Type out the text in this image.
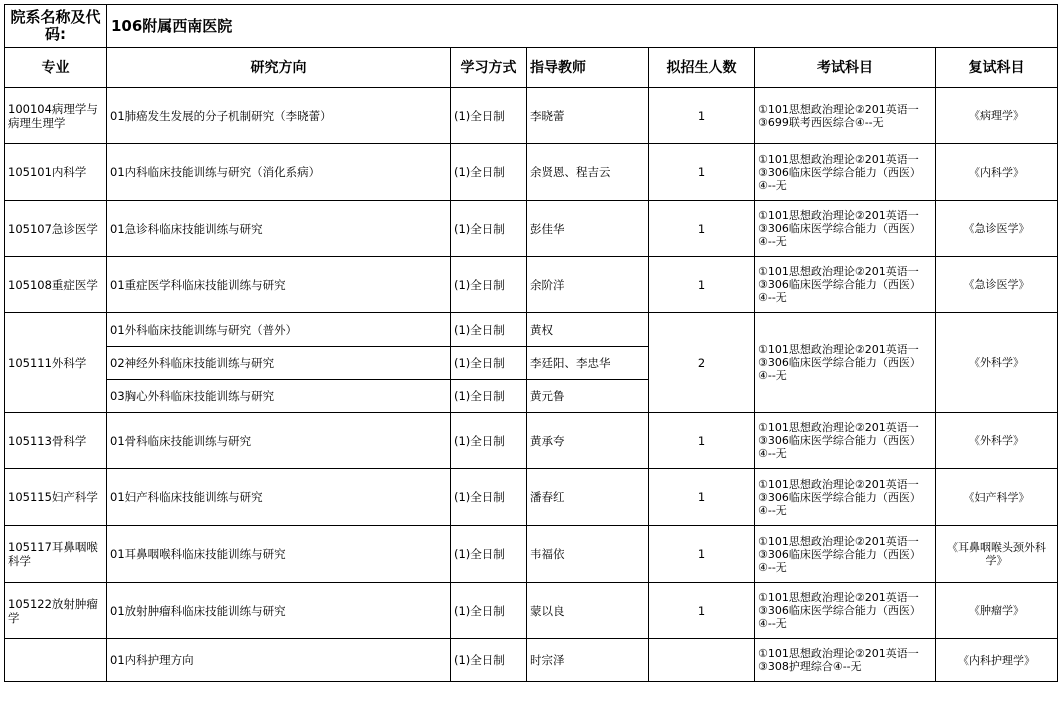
院系名称及代码:	106附属西南医院					
专业	研究方向	学习方式	指导教师	拟招生人数	考试科目	复试科目
100104病理学与病理生理学	01肺癌发生发展的分子机制研究（李晓蕾）	(1)全日制	李晓蕾	1	①101思想政治理论②201英语一③699联考西医综合④--无	《病理学》
105101内科学	01内科临床技能训练与研究（消化系病）	(1)全日制	余贤恩、程吉云	1	①101思想政治理论②201英语一③306临床医学综合能力（西医）④--无	《内科学》
105107急诊医学	01急诊科临床技能训练与研究	(1)全日制	彭佳华	1	①101思想政治理论②201英语一③306临床医学综合能力（西医）④--无	《急诊医学》
105108重症医学	01重症医学科临床技能训练与研究	(1)全日制	余阶洋	1	①101思想政治理论②201英语一③306临床医学综合能力（西医）④--无	《急诊医学》
105111外科学	01外科临床技能训练与研究（普外）	(1)全日制	黄权	2	①101思想政治理论②201英语一③306临床医学综合能力（西医）④--无	《外科学》
	02神经外科临床技能训练与研究	(1)全日制	李廷阳、李忠华			
	03胸心外科临床技能训练与研究	(1)全日制	黄元鲁			
105113骨科学	01骨科临床技能训练与研究	(1)全日制	黄承夸	1	①101思想政治理论②201英语一③306临床医学综合能力（西医）④--无	《外科学》
105115妇产科学	01妇产科临床技能训练与研究	(1)全日制	潘春红	1	①101思想政治理论②201英语一③306临床医学综合能力（西医）④--无	《妇产科学》
105117耳鼻咽喉科学	01耳鼻咽喉科临床技能训练与研究	(1)全日制	韦福依	1	①101思想政治理论②201英语一③306临床医学综合能力（西医）④--无	《耳鼻咽喉头颈外科学》
105122放射肿瘤学	01放射肿瘤科临床技能训练与研究	(1)全日制	蒙以良	1	①101思想政治理论②201英语一③306临床医学综合能力（西医）④--无	《肿瘤学》
	01内科护理方向	(1)全日制	时宗泽		①101思想政治理论②201英语一③308护理综合④--无	《内科护理学》
